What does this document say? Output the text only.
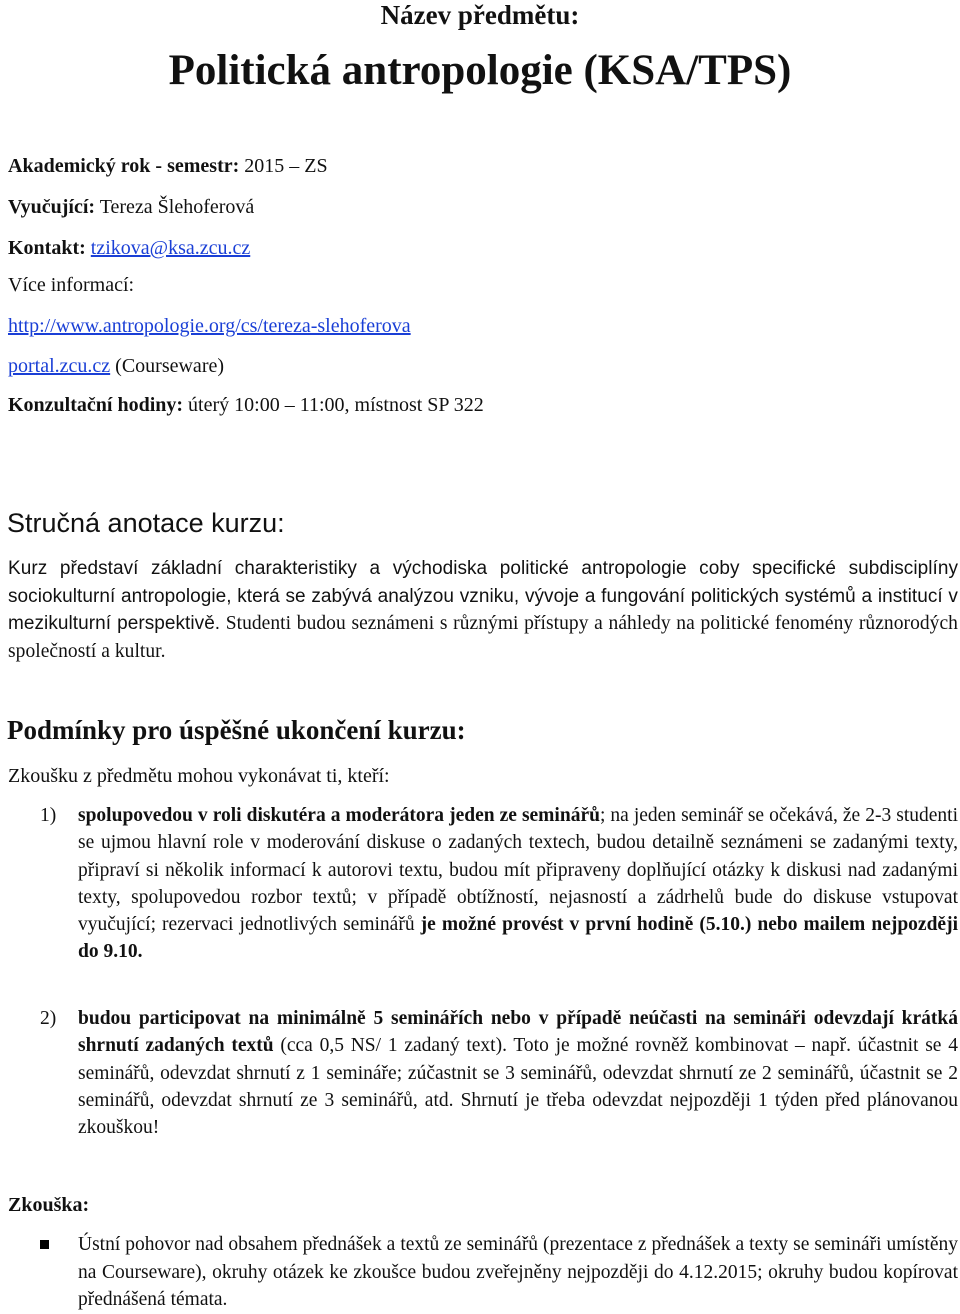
Název předmětu:
Politická antropologie (KSA/TPS)
Akademický rok - semestr: 2015 – ZS
Vyučující: Tereza Šlehoferová
Kontakt: tzikova@ksa.zcu.cz
Více informací:
http://www.antropologie.org/cs/tereza-slehoferova
portal.zcu.cz (Courseware)
Konzultační hodiny: úterý 10:00 – 11:00, místnost SP 322
Stručná anotace kurzu:
Kurz představí základní charakteristiky a východiska politické antropologie coby specifické subdisciplíny sociokulturní antropologie, která se zabývá analýzou vzniku, vývoje a fungování politických systémů a institucí v mezikulturní perspektivě. Studenti budou seznámeni s různými přístupy a náhledy na politické fenomény různorodých společností a kultur.
Podmínky pro úspěšné ukončení kurzu:
Zkoušku z předmětu mohou vykonávat ti, kteří:
1)	spolupovedou v roli diskutéra a moderátora jeden ze seminářů; na jeden seminář se očekává, že 2-3 studenti se ujmou hlavní role v moderování diskuse o zadaných textech, budou detailně seznámeni se zadanými texty, připraví si několik informací k autorovi textu, budou mít připraveny doplňující otázky k diskusi nad zadanými texty, spolupovedou rozbor textů; v případě obtížností, nejasností a zádrhelů bude do diskuse vstupovat vyučující; rezervaci jednotlivých seminářů je možné provést v první hodině (5.10.) nebo mailem nejpozději do 9.10.
2)	budou participovat na minimálně 5 seminářích nebo v případě neúčasti na semináři odevzdají krátká shrnutí zadaných textů (cca 0,5 NS/ 1 zadaný text). Toto je možné rovněž kombinovat – např. účastnit se 4 seminářů, odevzdat shrnutí z 1 semináře; zúčastnit se 3 seminářů, odevzdat shrnutí ze 2 seminářů, účastnit se 2 seminářů, odevzdat shrnutí ze 3 seminářů, atd. Shrnutí je třeba odevzdat nejpozději 1 týden před plánovanou zkouškou!
Zkouška:
Ústní pohovor nad obsahem přednášek a textů ze seminářů (prezentace z přednášek a texty se semináři umístěny na Courseware), okruhy otázek ke zkoušce budou zveřejněny nejpozději do 4.12.2015; okruhy budou kopírovat přednášená témata.
